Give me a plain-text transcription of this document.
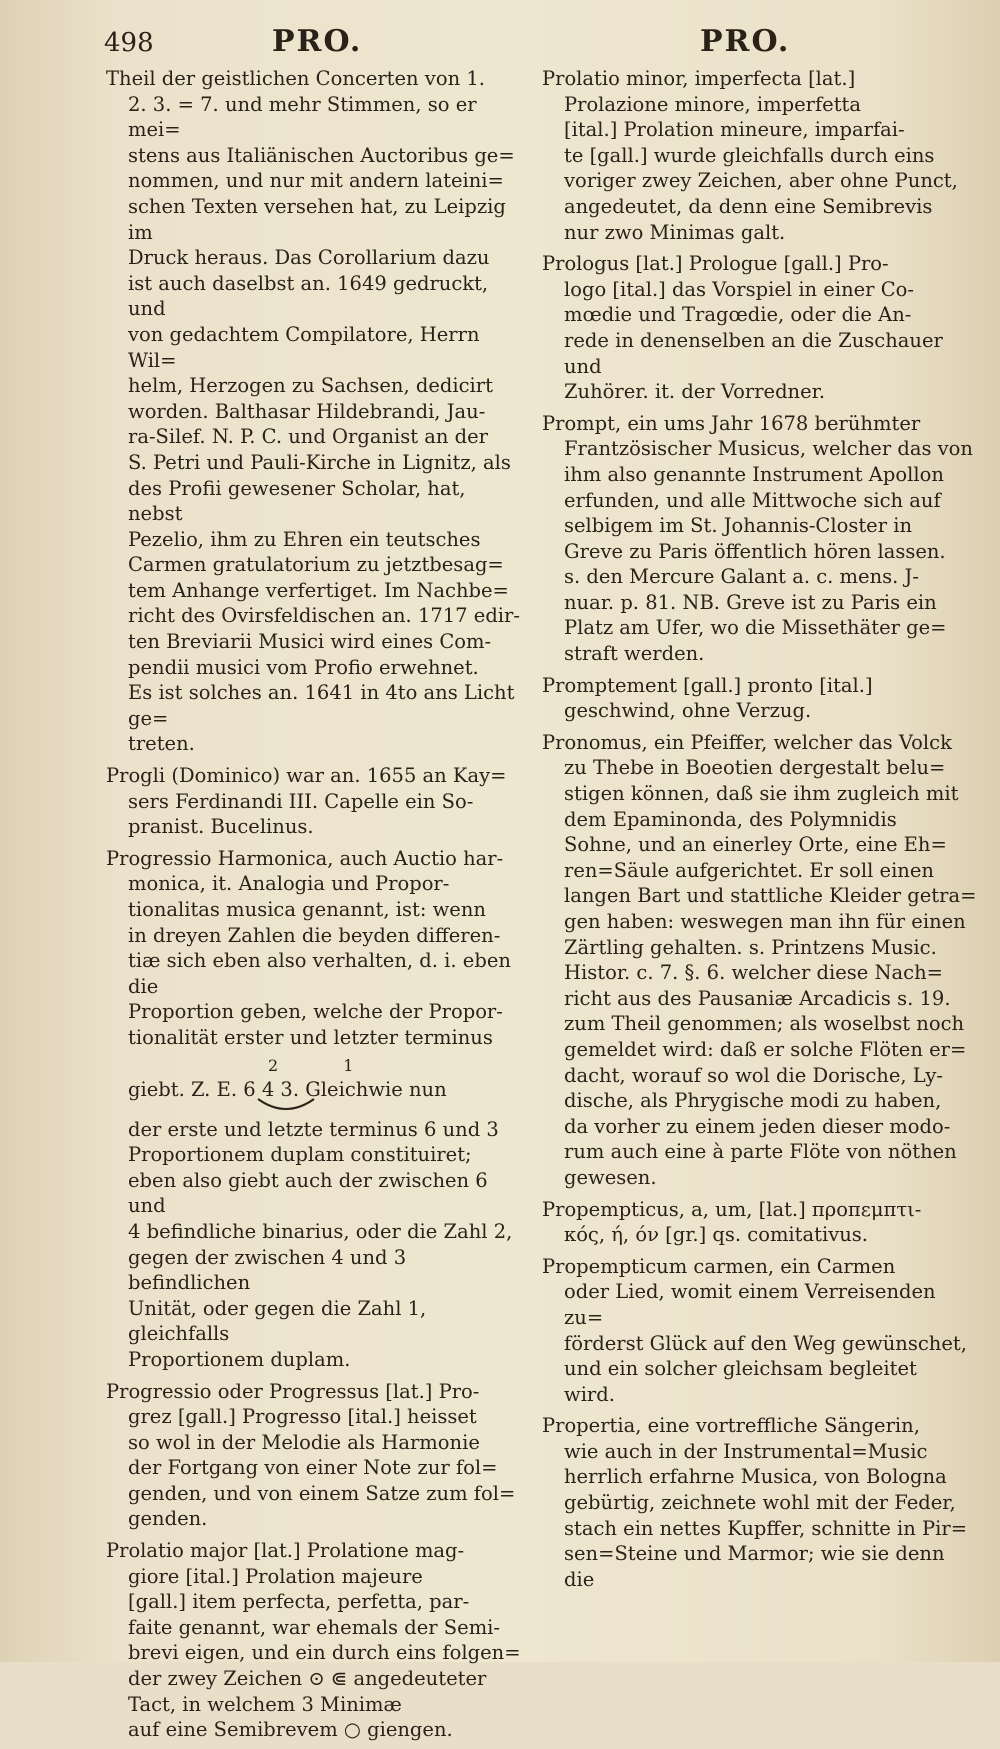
498	PRO.	PRO.
Theil der geistlichen Concerten von 1.
2. 3. = 7. und mehr Stimmen, so er mei=
stens aus Italiänischen Auctoribus ge=
nommen, und nur mit andern lateini=
schen Texten versehen hat, zu Leipzig im
Druck heraus. Das Corollarium dazu
ist auch daselbst an. 1649 gedruckt, und
von gedachtem Compilatore, Herrn Wil=
helm, Herzogen zu Sachsen, dedicirt
worden. Balthasar Hildebrandi, Jau-
ra-Silef. N. P. C. und Organist an der
S. Petri und Pauli-Kirche in Lignitz, als
des Profii gewesener Scholar, hat, nebst
Pezelio, ihm zu Ehren ein teutsches
Carmen gratulatorium zu jetztbesag=
tem Anhange verfertiget. Im Nachbe=
richt des Ovirsfeldischen an. 1717 edir-
ten Breviarii Musici wird eines Com-
pendii musici vom Profio erwehnet.
Es ist solches an. 1641 in 4to ans Licht ge=
treten.
Progli (Dominico) war an. 1655 an Kay=
sers Ferdinandi III. Capelle ein So-
pranist. Bucelinus.
Progressio Harmonica, auch Auctio har-
monica, it. Analogia und Propor-
tionalitas musica genannt, ist: wenn
in dreyen Zahlen die beyden differen-
tiæ sich eben also verhalten, d. i. eben die
Proportion geben, welche der Propor-
tionalität erster und letzter terminus
2 1
giebt. Z. E. 6 4 3. Gleichwie nun
der erste und letzte terminus 6 und 3
Proportionem duplam constituiret;
eben also giebt auch der zwischen 6 und
4 befindliche binarius, oder die Zahl 2,
gegen der zwischen 4 und 3 befindlichen
Unität, oder gegen die Zahl 1, gleichfalls
Proportionem duplam.
Progressio oder Progressus [lat.] Pro-
grez [gall.] Progresso [ital.] heisset
so wol in der Melodie als Harmonie
der Fortgang von einer Note zur fol=
genden, und von einem Satze zum fol=
genden.
Prolatio major [lat.] Prolatione mag-
giore [ital.] Prolation majeure
[gall.] item perfecta, perfetta, par-
faite genannt, war ehemals der Semi-
brevi eigen, und ein durch eins folgen=
der zwey Zeichen ⊙ ⋐ angedeuteter
Tact, in welchem 3 Minimæ
auf eine Semibrevem ○ giengen.
Prolatio minor, imperfecta [lat.]
Prolazione minore, imperfetta
[ital.] Prolation mineure, imparfai-
te [gall.] wurde gleichfalls durch eins
voriger zwey Zeichen, aber ohne Punct,
angedeutet, da denn eine Semibrevis
nur zwo Minimas galt.
Prologus [lat.] Prologue [gall.] Pro-
logo [ital.] das Vorspiel in einer Co-
mœdie und Tragœdie, oder die An-
rede in denenselben an die Zuschauer und
Zuhörer. it. der Vorredner.
Prompt, ein ums Jahr 1678 berühmter
Frantzösischer Musicus, welcher das von
ihm also genannte Instrument Apollon
erfunden, und alle Mittwoche sich auf
selbigem im St. Johannis-Closter in
Greve zu Paris öffentlich hören lassen.
s. den Mercure Galant a. c. mens. J-
nuar. p. 81. NB. Greve ist zu Paris ein
Platz am Ufer, wo die Missethäter ge=
straft werden.
Promptement [gall.] pronto [ital.]
geschwind, ohne Verzug.
Pronomus, ein Pfeiffer, welcher das Volck
zu Thebe in Boeotien dergestalt belu=
stigen können, daß sie ihm zugleich mit
dem Epaminonda, des Polymnidis
Sohne, und an einerley Orte, eine Eh=
ren=Säule aufgerichtet. Er soll einen
langen Bart und stattliche Kleider getra=
gen haben: weswegen man ihn für einen
Zärtling gehalten. s. Printzens Music.
Histor. c. 7. §. 6. welcher diese Nach=
richt aus des Pausaniæ Arcadicis s. 19.
zum Theil genommen; als woselbst noch
gemeldet wird: daß er solche Flöten er=
dacht, worauf so wol die Dorische, Ly-
dische, als Phrygische modi zu haben,
da vorher zu einem jeden dieser modo-
rum auch eine à parte Flöte von nöthen
gewesen.
Propempticus, a, um, [lat.] προπεμπτι-
κός, ή, όν [gr.] qs. comitativus.
Propempticum carmen, ein Carmen
oder Lied, womit einem Verreisenden zu=
förderst Glück auf den Weg gewünschet,
und ein solcher gleichsam begleitet
wird.
Propertia, eine vortreffliche Sängerin,
wie auch in der Instrumental=Music
herrlich erfahrne Musica, von Bologna
gebürtig, zeichnete wohl mit der Feder,
stach ein nettes Kupffer, schnitte in Pir=
sen=Steine und Marmor; wie sie denn
die
